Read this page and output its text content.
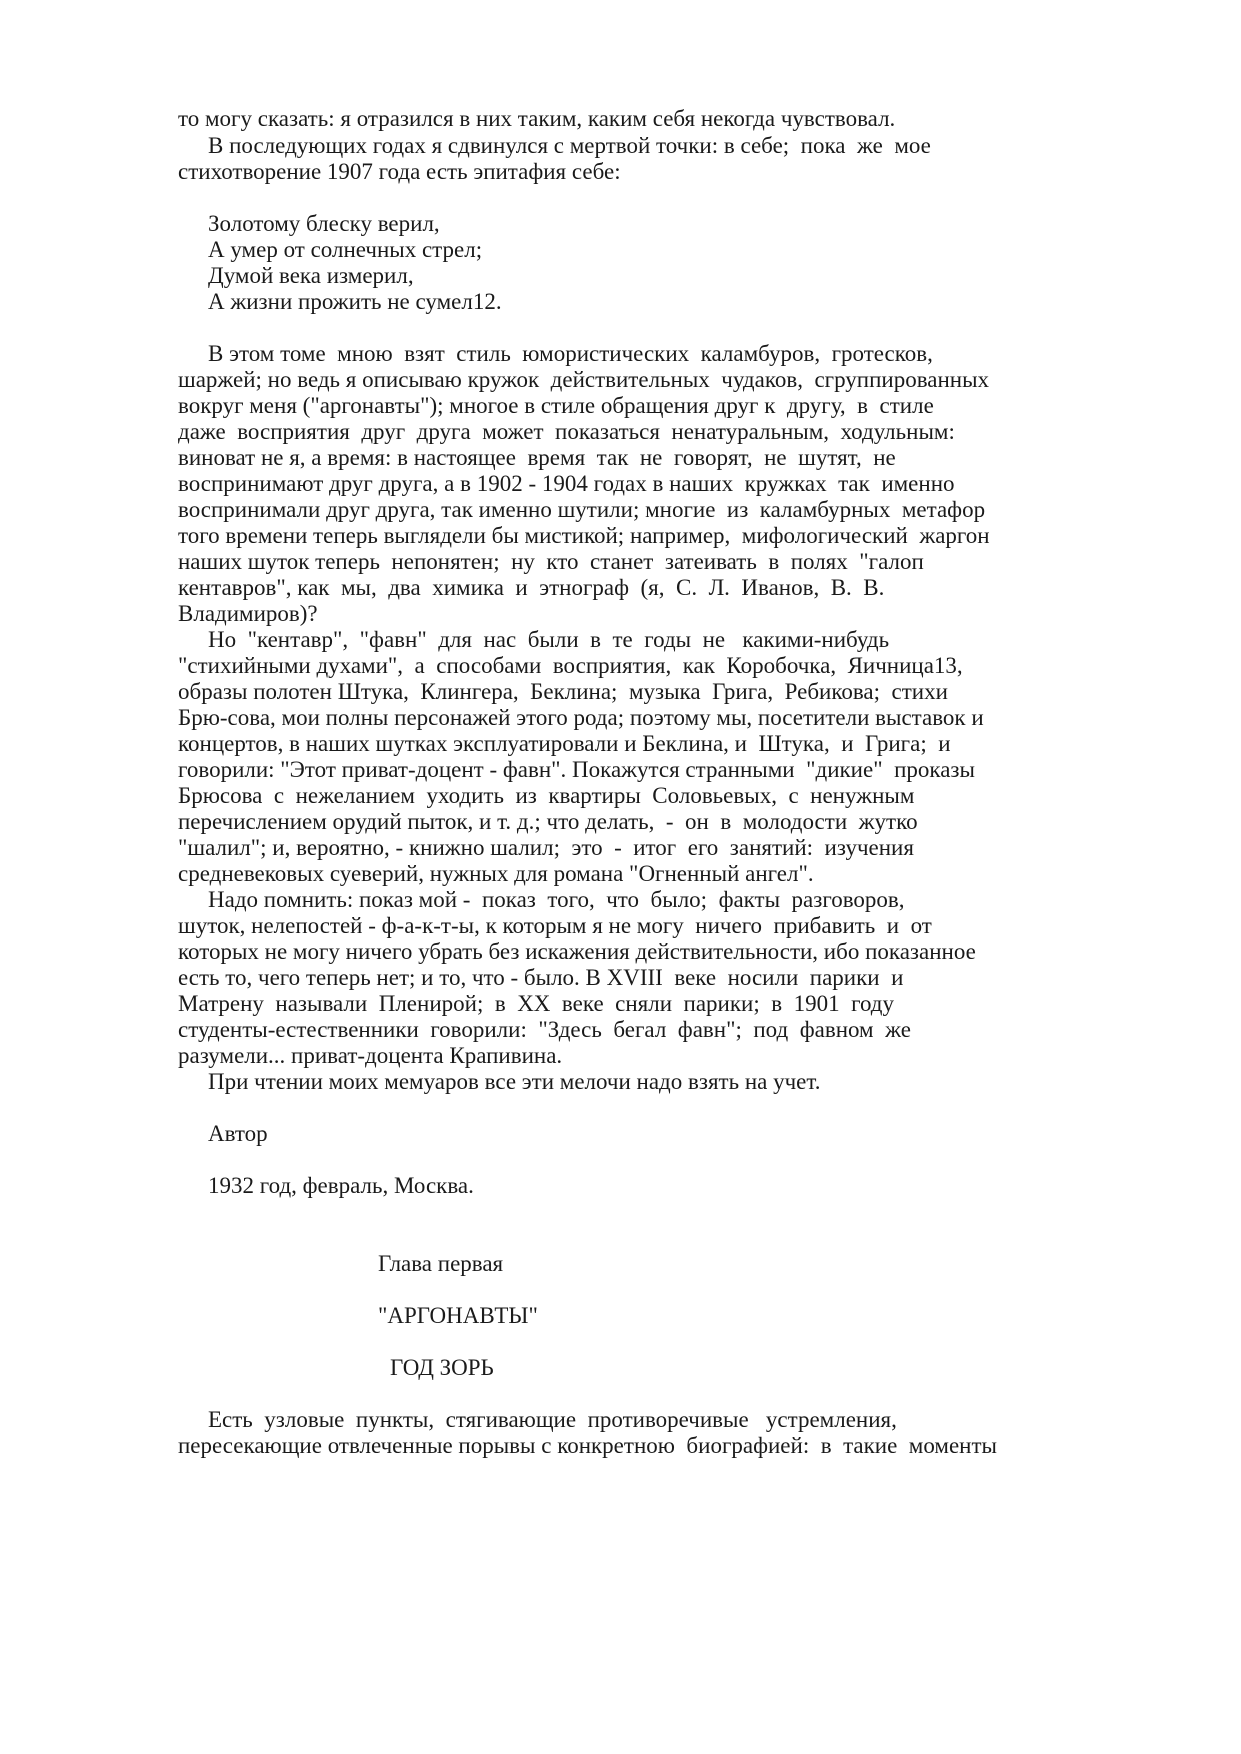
то могу сказать: я отразился в них таким, каким себя некогда чувствовал.
В последующих годах я сдвинулся с мертвой точки: в себе;  пока  же  мое
стихотворение 1907 года есть эпитафия себе:
Золотому блеску верил,
А умер от солнечных стрел;
Думой века измерил,
А жизни прожить не сумел12.
В этом томе  мною  взят  стиль  юмористических  каламбуров,  гротесков,
шаржей; но ведь я описываю кружок  действительных  чудаков,  сгруппированных
вокруг меня ("аргонавты"); многое в стиле обращения друг к  другу,  в  стиле
даже  восприятия  друг  друга  может  показаться  ненатуральным,  ходульным:
виноват не я, а время: в настоящее  время  так  не  говорят,  не  шутят,  не
воспринимают друг друга, а в 1902 - 1904 годах в наших  кружках  так  именно
воспринимали друг друга, так именно шутили; многие  из  каламбурных  метафор
того времени теперь выглядели бы мистикой; например,  мифологический  жаргон
наших шуток теперь  непонятен;  ну  кто  станет  затеивать  в  полях  "галоп
кентавров", как  мы,  два  химика  и  этнограф  (я,  С.  Л.  Иванов,  В.  В.
Владимиров)?
Но  "кентавр",  "фавн"  для  нас  были  в  те  годы  не   какими-нибудь
"стихийными духами",  а  способами  восприятия,  как  Коробочка,  Яичница13,
образы полотен Штука,  Клингера,  Беклина;  музыка  Грига,  Ребикова;  стихи
Брю-сова, мои полны персонажей этого рода; поэтому мы, посетители выставок и
концертов, в наших шутках эксплуатировали и Беклина, и  Штука,  и  Грига;  и
говорили: "Этот приват-доцент - фавн". Покажутся странными  "дикие"  проказы
Брюсова  с  нежеланием  уходить  из  квартиры  Соловьевых,  с  ненужным
перечислением орудий пыток, и т. д.; что делать,  -  он  в  молодости  жутко
"шалил"; и, вероятно, - книжно шалил;  это  -  итог  его  занятий:  изучения
средневековых суеверий, нужных для романа "Огненный ангел".
Надо помнить: показ мой -  показ  того,  что  было;  факты  разговоров,
шуток, нелепостей - ф-а-к-т-ы, к которым я не могу  ничего  прибавить  и  от
которых не могу ничего убрать без искажения действительности, ибо показанное
есть то, чего теперь нет; и то, что - было. В XVIII  веке  носили  парики  и
Матрену  называли  Пленирой;  в  XX  веке  сняли  парики;  в  1901  году
студенты-естественники  говорили:  "Здесь  бегал  фавн";  под  фавном  же
разумели... приват-доцента Крапивина.
При чтении моих мемуаров все эти мелочи надо взять на учет.
Автор
1932 год, февраль, Москва.
Глава первая
"АРГОНАВТЫ"
ГОД ЗОРЬ
Есть  узловые  пункты,  стягивающие  противоречивые   устремления,
пересекающие отвлеченные порывы с конкретною  биографией:  в  такие  моменты
